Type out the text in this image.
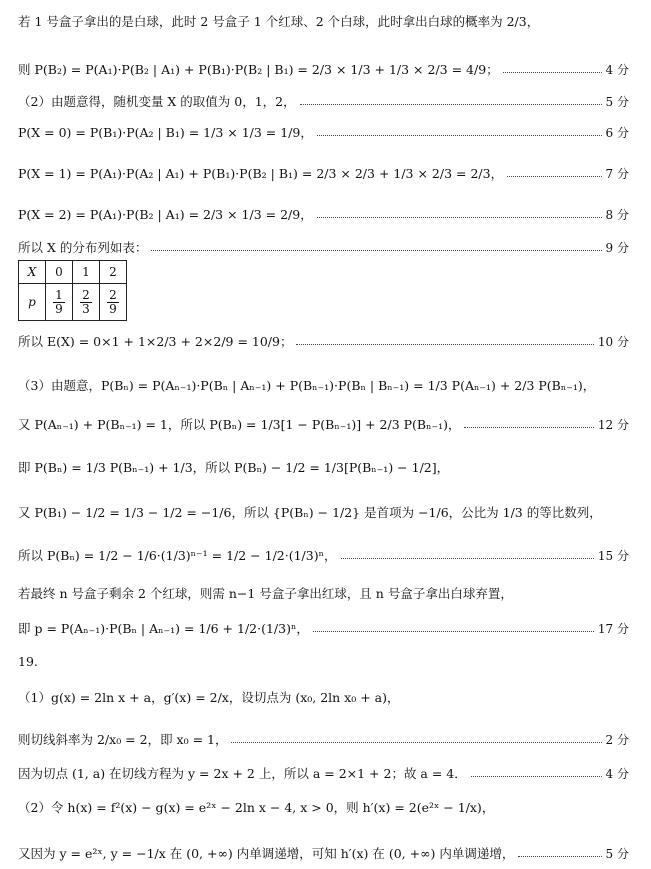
若 1 号盒子拿出的是白球，此时 2 号盒子 1 个红球、2 个白球，此时拿出白球的概率为 2/3，
则 P(B₂) = P(A₁)·P(B₂ | A₁) + P(B₁)·P(B₂ | B₁) = 2/3 × 1/3 + 1/3 × 2/3 = 4/9；	4 分
（2）由题意得，随机变量 X 的取值为 0，1，2，	5 分
P(X = 0) = P(B₁)·P(A₂ | B₁) = 1/3 × 1/3 = 1/9，	6 分
P(X = 1) = P(A₁)·P(A₂ | A₁) + P(B₁)·P(B₂ | B₁) = 2/3 × 2/3 + 1/3 × 2/3 = 2/3，	7 分
P(X = 2) = P(A₁)·P(B₂ | A₁) = 2/3 × 1/3 = 2/9，	8 分
所以 X 的分布列如表：	9 分
X	0	1	2
p	$\frac{1}{9}$	$\frac{2}{3}$	$\frac{2}{9}$
所以 E(X) = 0×1 + 1×2/3 + 2×2/9 = 10/9；	10 分
（3）由题意，P(Bₙ) = P(Aₙ₋₁)·P(Bₙ | Aₙ₋₁) + P(Bₙ₋₁)·P(Bₙ | Bₙ₋₁) = 1/3 P(Aₙ₋₁) + 2/3 P(Bₙ₋₁)，
又 P(Aₙ₋₁) + P(Bₙ₋₁) = 1，所以 P(Bₙ) = 1/3[1 − P(Bₙ₋₁)] + 2/3 P(Bₙ₋₁)，	12 分
即 P(Bₙ) = 1/3 P(Bₙ₋₁) + 1/3，所以 P(Bₙ) − 1/2 = 1/3[P(Bₙ₋₁) − 1/2]，
又 P(B₁) − 1/2 = 1/3 − 1/2 = −1/6，所以 {P(Bₙ) − 1/2} 是首项为 −1/6，公比为 1/3 的等比数列，
所以 P(Bₙ) = 1/2 − 1/6·(1/3)ⁿ⁻¹ = 1/2 − 1/2·(1/3)ⁿ，	15 分
若最终 n 号盒子剩余 2 个红球，则需 n−1 号盒子拿出红球，且 n 号盒子拿出白球弃置，
即 p = P(Aₙ₋₁)·P(Bₙ | Aₙ₋₁) = 1/6 + 1/2·(1/3)ⁿ，	17 分
19.
（1）g(x) = 2ln x + a，g′(x) = 2/x，设切点为 (x₀, 2ln x₀ + a)，
则切线斜率为 2/x₀ = 2，即 x₀ = 1，	2 分
因为切点 (1, a) 在切线方程为 y = 2x + 2 上，所以 a = 2×1 + 2；故 a = 4．	4 分
（2）令 h(x) = f²(x) − g(x) = e²ˣ − 2ln x − 4, x > 0，则 h′(x) = 2(e²ˣ − 1/x)，
又因为 y = e²ˣ, y = −1/x 在 (0, +∞) 内单调递增，可知 h′(x) 在 (0, +∞) 内单调递增，	5 分
